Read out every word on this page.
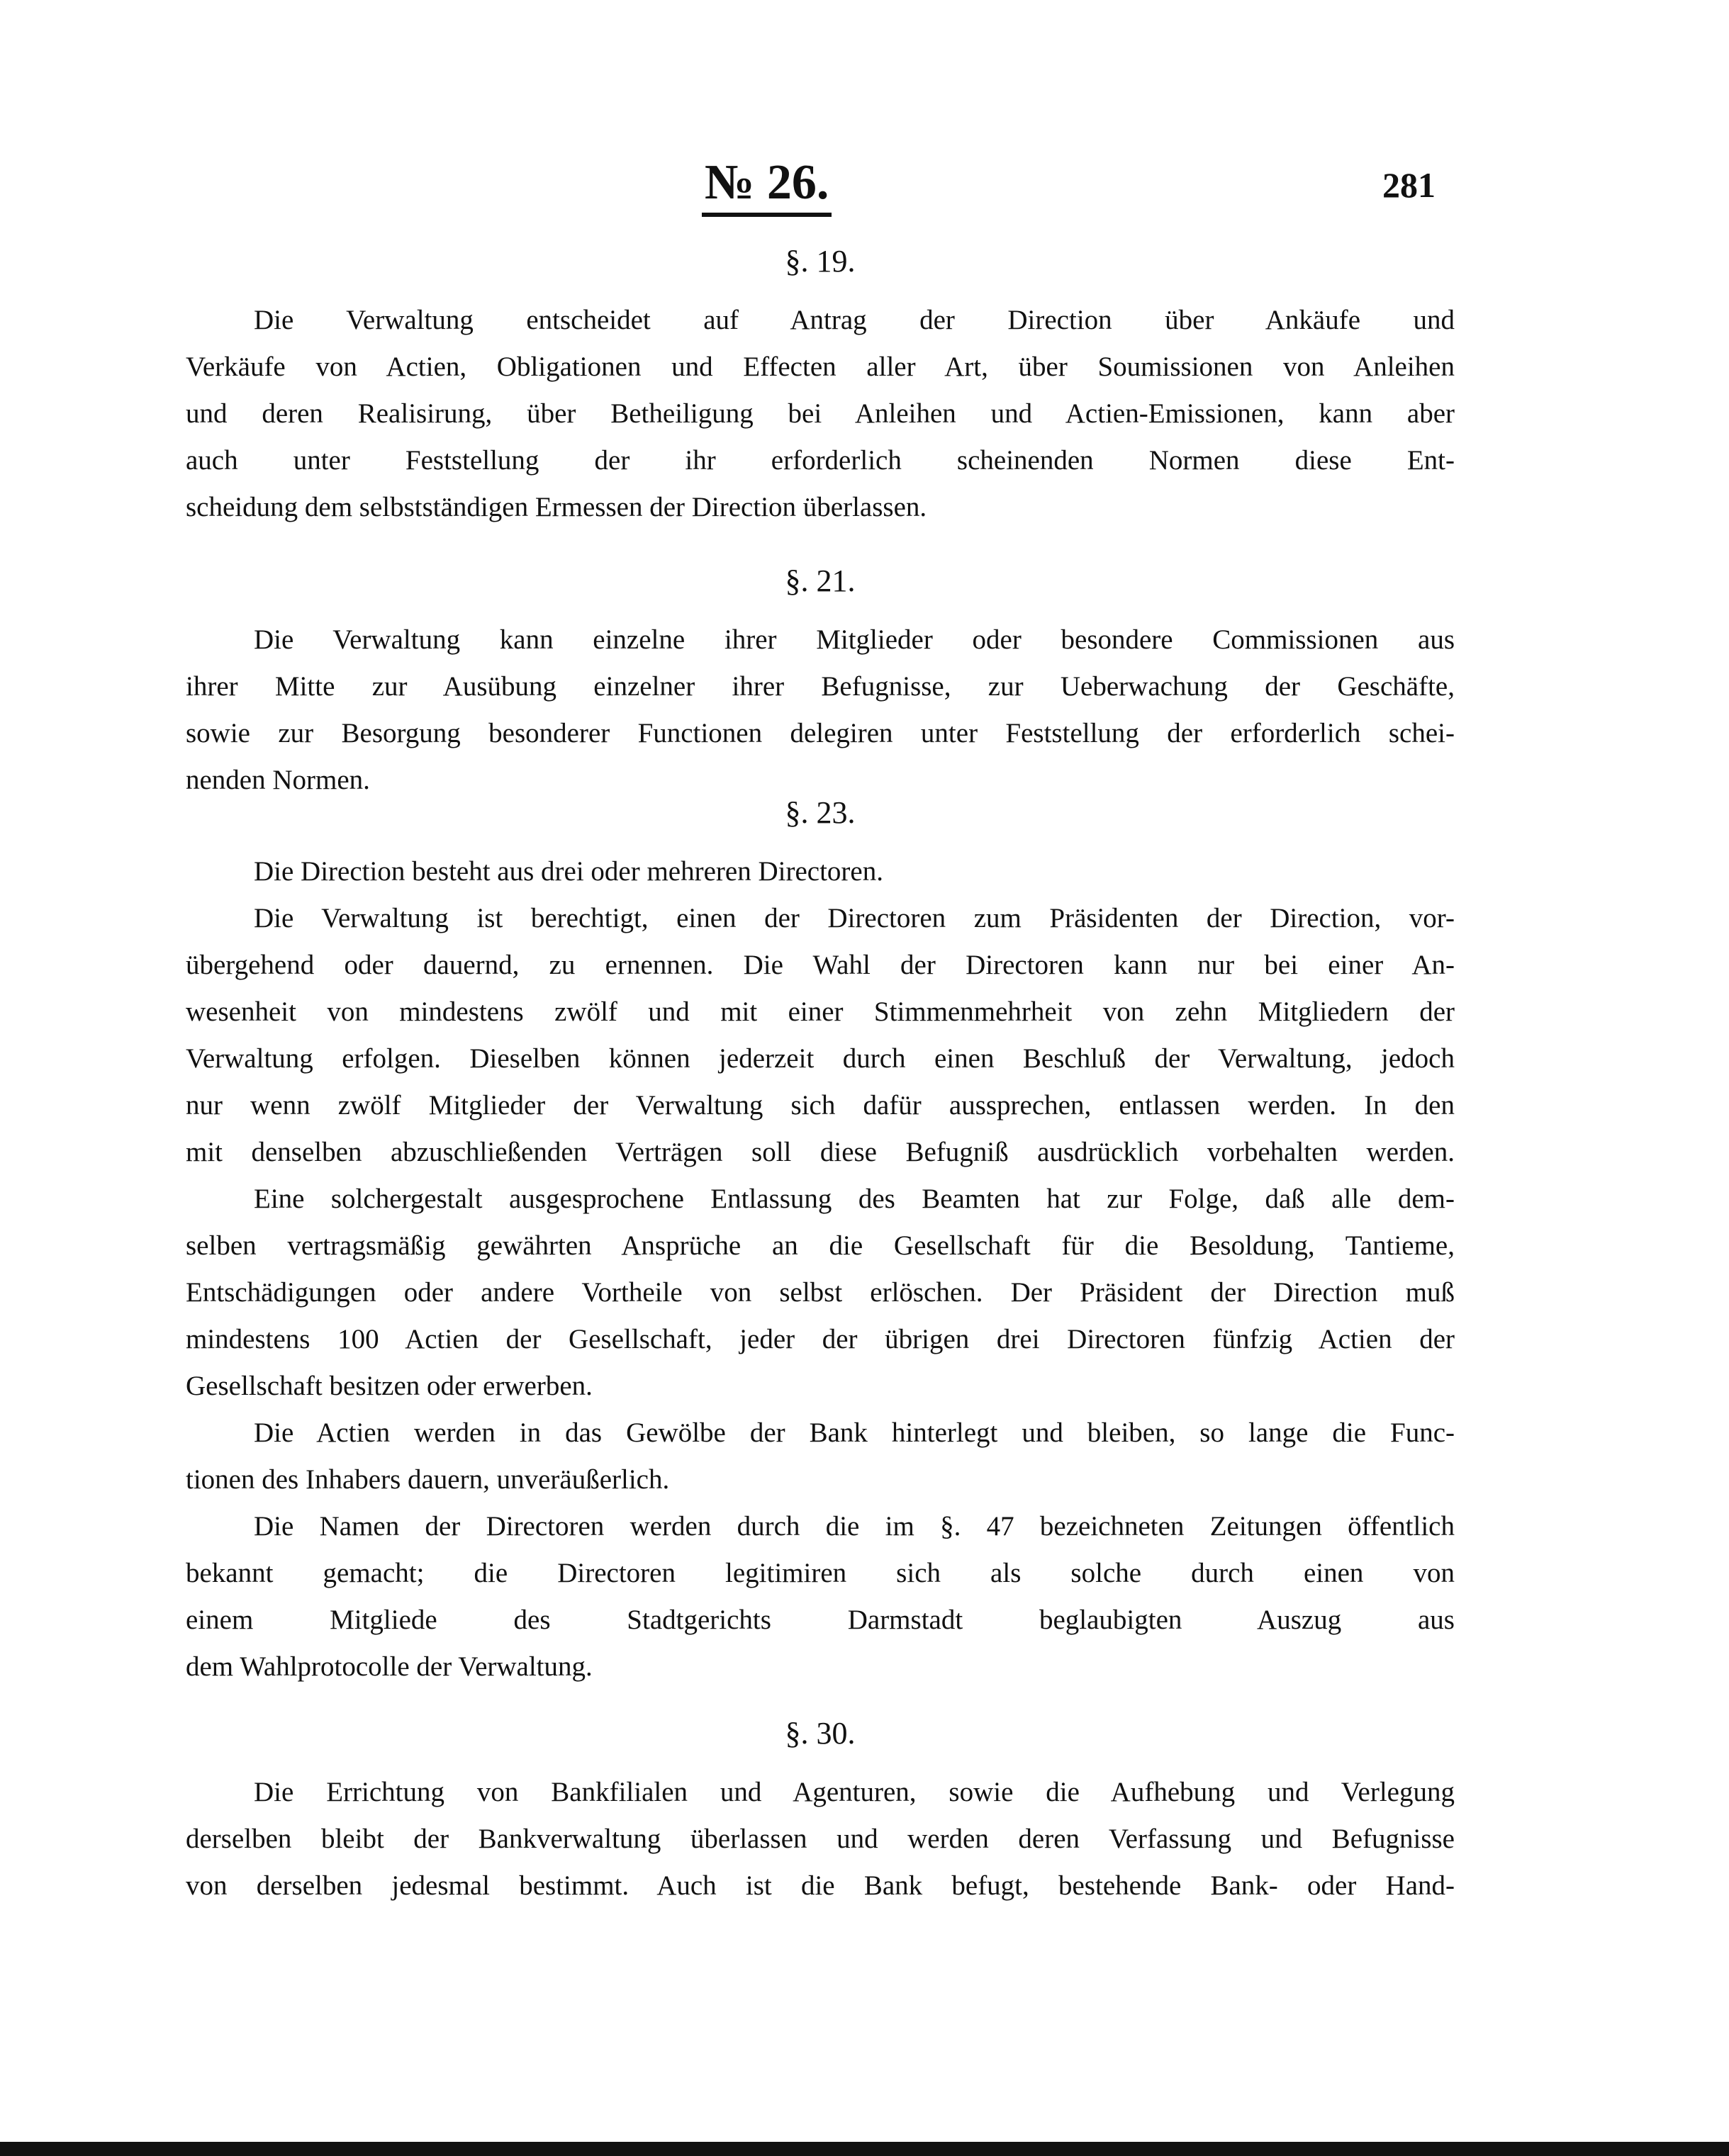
№ 26.	281
§. 19.
Die Verwaltung entscheidet auf Antrag der Direction über Ankäufe und
Verkäufe von Actien, Obligationen und Effecten aller Art, über Soumissionen von Anleihen
und deren Realisirung, über Betheiligung bei Anleihen und Actien-Emissionen, kann aber
auch unter Feststellung der ihr erforderlich scheinenden Normen diese Ent-
scheidung dem selbstständigen Ermessen der Direction überlassen.
§. 21.
Die Verwaltung kann einzelne ihrer Mitglieder oder besondere Commissionen aus
ihrer Mitte zur Ausübung einzelner ihrer Befugnisse, zur Ueberwachung der Geschäfte,
sowie zur Besorgung besonderer Functionen delegiren unter Feststellung der erforderlich schei-
nenden Normen.
§. 23.
Die Direction besteht aus drei oder mehreren Directoren.
Die Verwaltung ist berechtigt, einen der Directoren zum Präsidenten der Direction, vor-
übergehend oder dauernd, zu ernennen. Die Wahl der Directoren kann nur bei einer An-
wesenheit von mindestens zwölf und mit einer Stimmenmehrheit von zehn Mitgliedern der
Verwaltung erfolgen. Dieselben können jederzeit durch einen Beschluß der Verwaltung, jedoch
nur wenn zwölf Mitglieder der Verwaltung sich dafür aussprechen, entlassen werden. In den
mit denselben abzuschließenden Verträgen soll diese Befugniß ausdrücklich vorbehalten werden.
Eine solchergestalt ausgesprochene Entlassung des Beamten hat zur Folge, daß alle dem-
selben vertragsmäßig gewährten Ansprüche an die Gesellschaft für die Besoldung, Tantieme,
Entschädigungen oder andere Vortheile von selbst erlöschen. Der Präsident der Direction muß
mindestens 100 Actien der Gesellschaft, jeder der übrigen drei Directoren fünfzig Actien der
Gesellschaft besitzen oder erwerben.
Die Actien werden in das Gewölbe der Bank hinterlegt und bleiben, so lange die Func-
tionen des Inhabers dauern, unveräußerlich.
Die Namen der Directoren werden durch die im §. 47 bezeichneten Zeitungen öffentlich
bekannt gemacht; die Directoren legitimiren sich als solche durch einen von
einem Mitgliede des Stadtgerichts Darmstadt beglaubigten Auszug aus
dem Wahlprotocolle der Verwaltung.
§. 30.
Die Errichtung von Bankfilialen und Agenturen, sowie die Aufhebung und Verlegung
derselben bleibt der Bankverwaltung überlassen und werden deren Verfassung und Befugnisse
von derselben jedesmal bestimmt. Auch ist die Bank befugt, bestehende Bank- oder Hand-
